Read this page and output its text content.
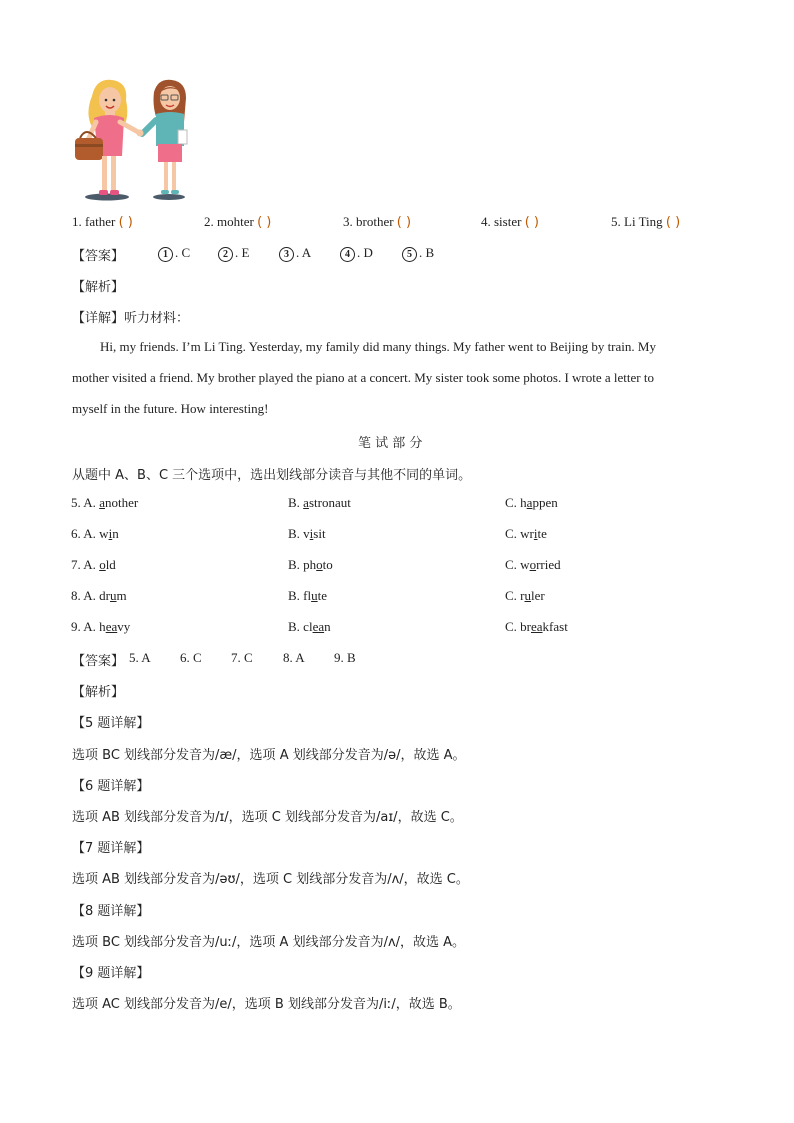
1. father ( )	2. mohter ( )	3. brother ( )	4. sister ( )	5. Li Ting ( )
【答案】	1 . C	2 . E	3 . A	4 . D	5 . B
【解析】
【详解】听力材料：
Hi, my friends. I’m Li Ting. Yesterday, my family did many things. My father went to Beijing by train. My
mother visited a friend. My brother played the piano at a concert. My sister took some photos. I wrote a letter to
myself in the future. How interesting!
笔 试 部 分
从题中 A、B、C 三个选项中，选出划线部分读音与其他不同的单词。
5. A. another	B. astronaut	C. happen
6. A. win	B. visit	C. write
7. A. old	B. photo	C. worried
8. A. drum	B. flute	C. ruler
9. A. heavy	B. clean	C. breakfast
【答案】 5. A 6. C 7. C 8. A 9. B
【解析】
【5 题详解】
选项 BC 划线部分发音为/æ/，选项 A 划线部分发音为/ə/，故选 A。
【6 题详解】
选项 AB 划线部分发音为/ɪ/，选项 C 划线部分发音为/aɪ/，故选 C。
【7 题详解】
选项 AB 划线部分发音为/əʊ/，选项 C 划线部分发音为/ʌ/，故选 C。
【8 题详解】
选项 BC 划线部分发音为/uː/，选项 A 划线部分发音为/ʌ/，故选 A。
【9 题详解】
选项 AC 划线部分发音为/e/，选项 B 划线部分发音为/iː/，故选 B。
